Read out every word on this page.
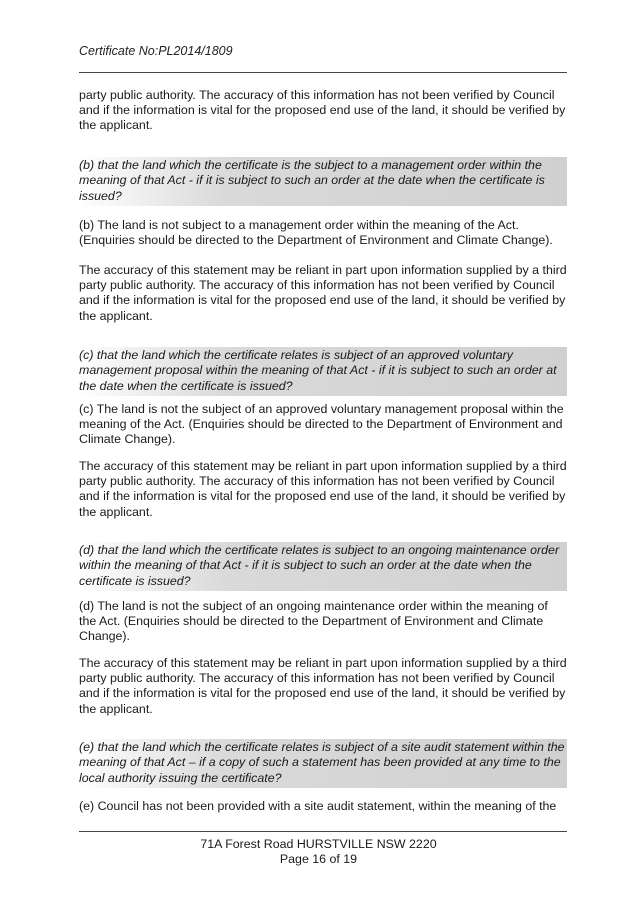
Certificate No:PL2014/1809

party public authority. The accuracy of this information has not been verified by Council and if the information is vital for the proposed end use of the land, it should be verified by the applicant.

(b) that the land which the certificate is the subject to a management order within the meaning of that Act - if it is subject to such an order at the date when the certificate is issued?

(b) The land is not subject to a management order within the meaning of the Act. (Enquiries should be directed to the Department of Environment and Climate Change).

The accuracy of this statement may be reliant in part upon information supplied by a third party public authority. The accuracy of this information has not been verified by Council and if the information is vital for the proposed end use of the land, it should be verified by the applicant.

(c) that the land which the certificate relates is subject of an approved voluntary management proposal within the meaning of that Act - if it is subject to such an order at the date when the certificate is issued?

(c) The land is not the subject of an approved voluntary management proposal within the meaning of the Act. (Enquiries should be directed to the Department of Environment and Climate Change).

The accuracy of this statement may be reliant in part upon information supplied by a third party public authority. The accuracy of this information has not been verified by Council and if the information is vital for the proposed end use of the land, it should be verified by the applicant.

(d) that the land which the certificate relates is subject to an ongoing maintenance order within the meaning of that Act - if it is subject to such an order at the date when the certificate is issued?

(d) The land is not the subject of an ongoing maintenance order within the meaning of the Act. (Enquiries should be directed to the Department of Environment and Climate Change).

The accuracy of this statement may be reliant in part upon information supplied by a third party public authority. The accuracy of this information has not been verified by Council and if the information is vital for the proposed end use of the land, it should be verified by the applicant.

(e) that the land which the certificate relates is subject of a site audit statement within the meaning of that Act – if a copy of such a statement has been provided at any time to the local authority issuing the certificate?

(e) Council has not been provided with a site audit statement, within the meaning of the

71A Forest Road HURSTVILLE NSW 2220
Page 16 of 19
